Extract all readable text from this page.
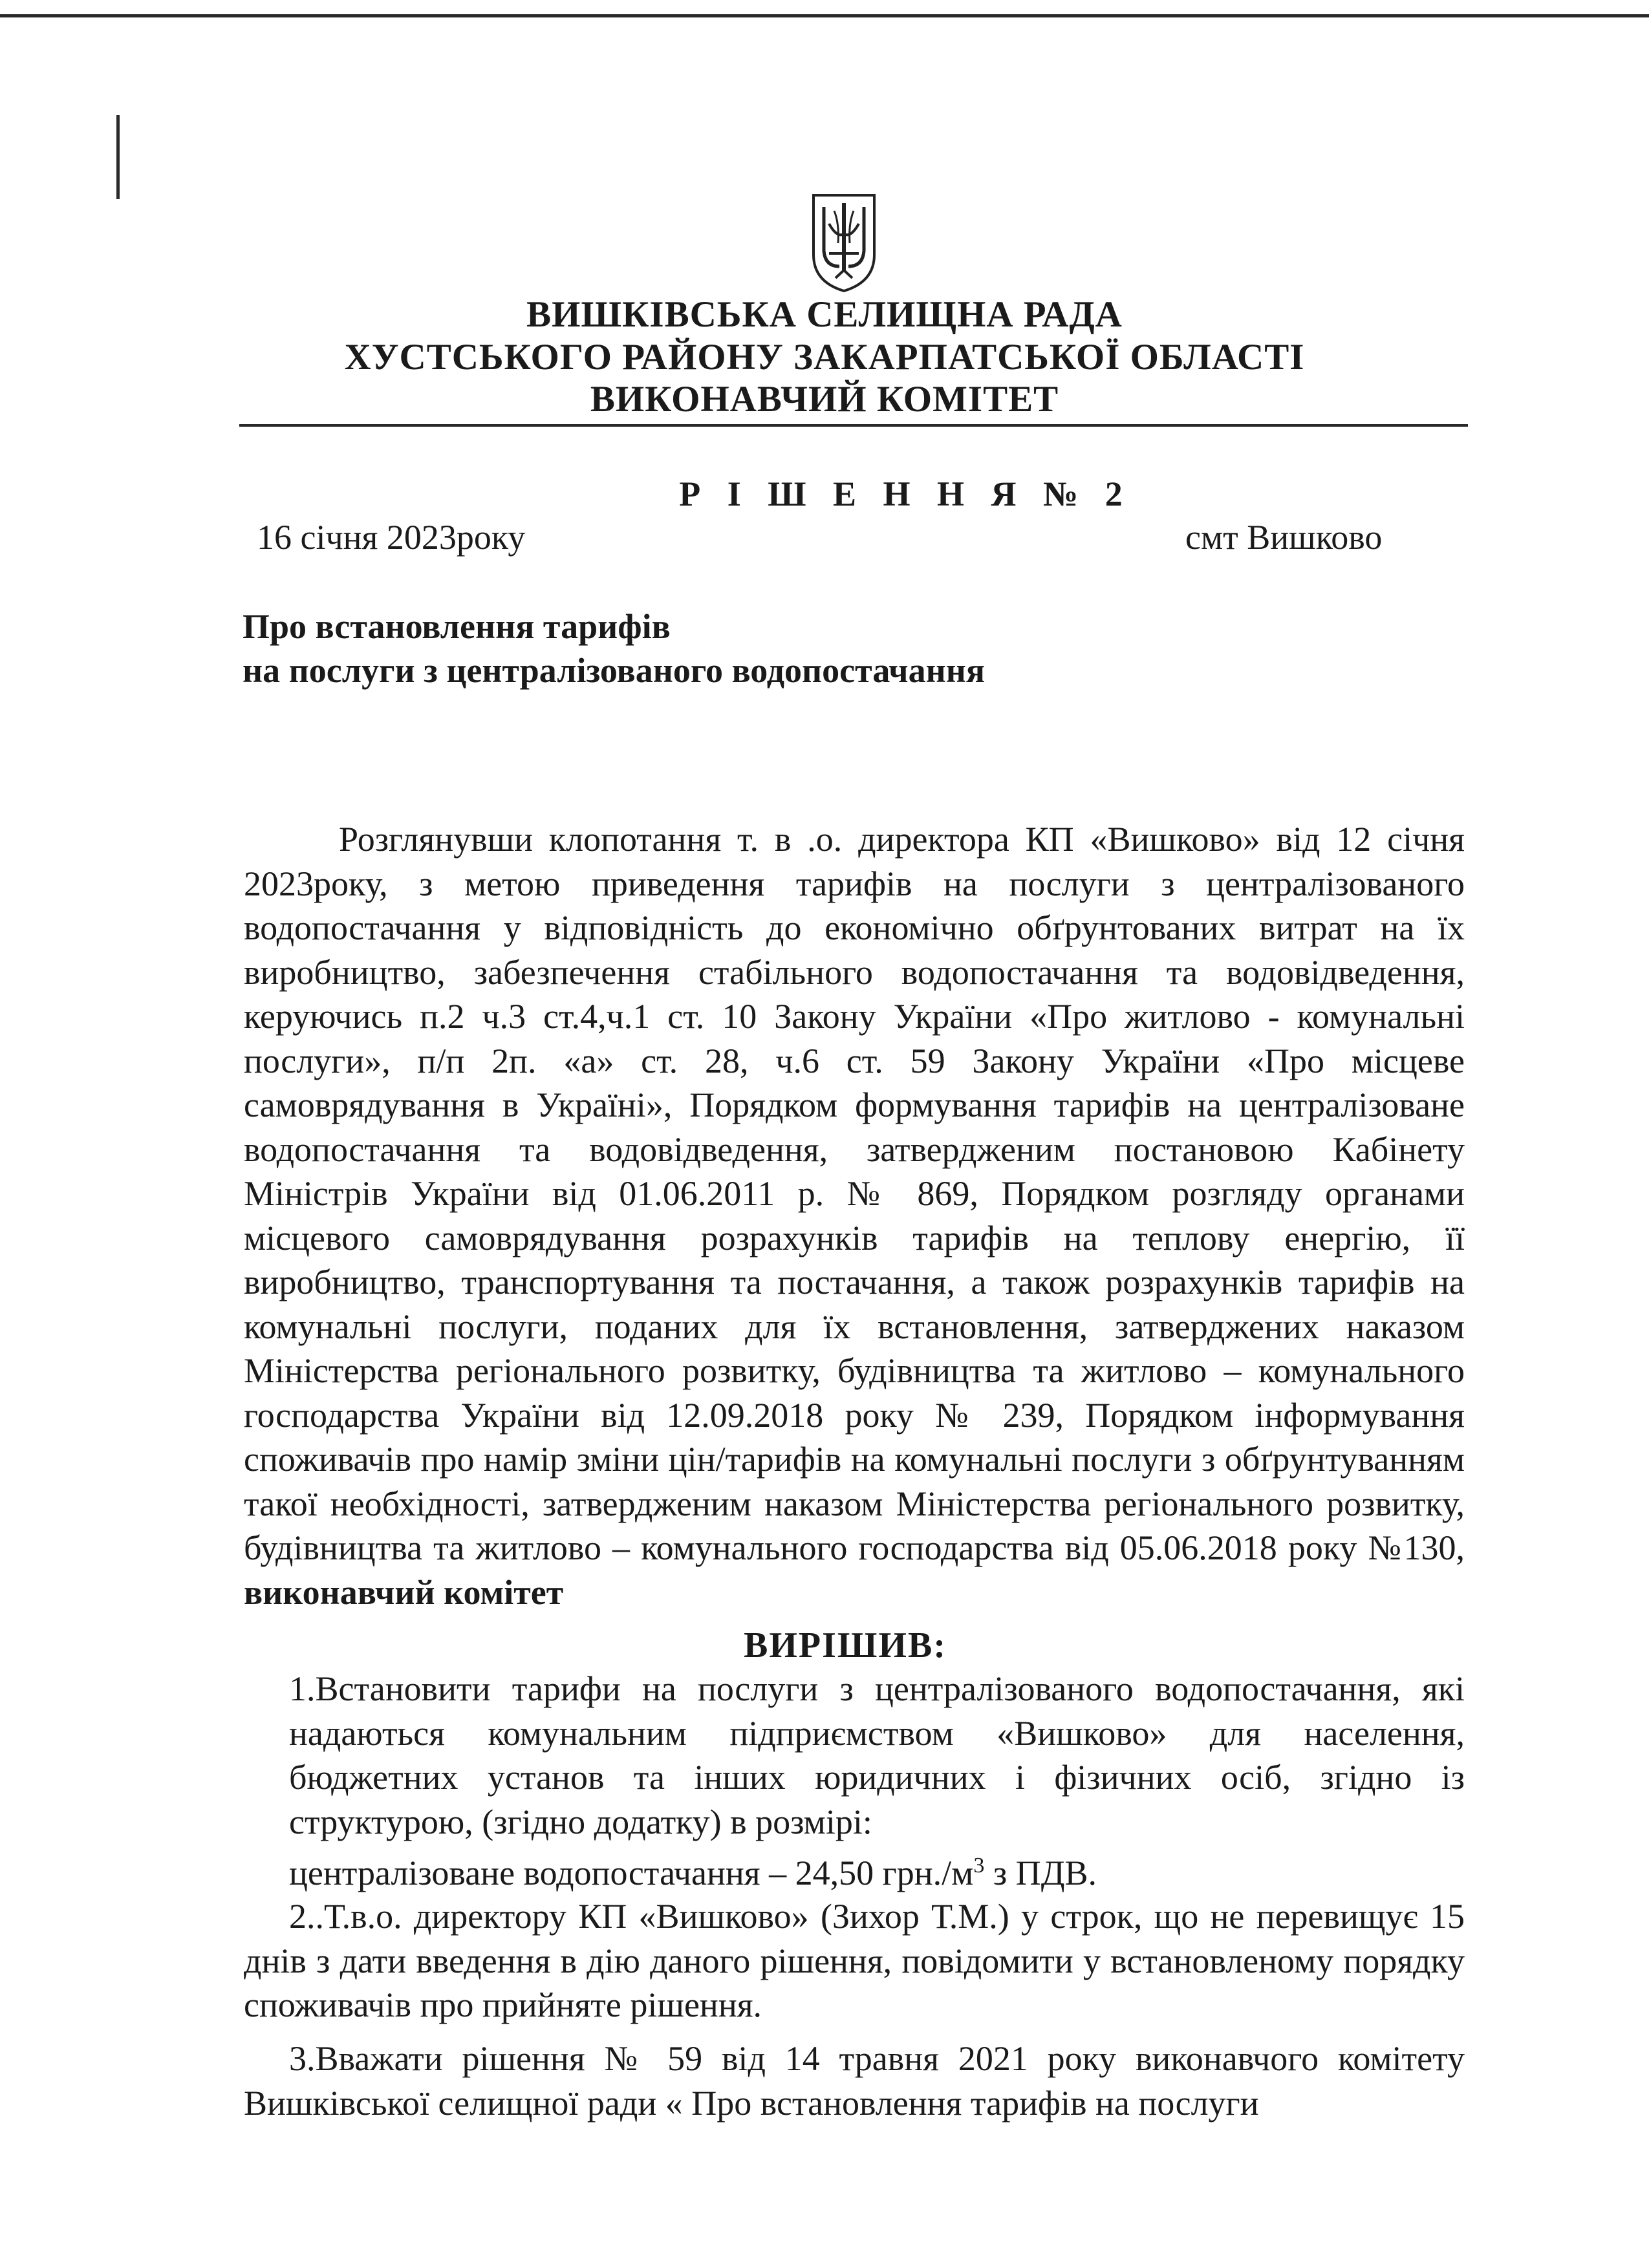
ВИШКІВСЬКА СЕЛИЩНА РАДА
ХУСТСЬКОГО РАЙОНУ ЗАКАРПАТСЬКОЇ ОБЛАСТІ
ВИКОНАВЧИЙ КОМІТЕТ
Р І Ш Е Н Н Я № 2
16 січня 2023року	смт Вишково
Про встановлення тарифів
на послуги з централізованого водопостачання

Розглянувши клопотання т. в .о. директора КП «Вишково» від 12 січня 2023року, з метою приведення тарифів на послуги з централізованого водопостачання у відповідність до економічно обґрунтованих витрат на їх виробництво, забезпечення стабільного водопостачання та водовідведення, керуючись п.2 ч.3 ст.4,ч.1 ст. 10 Закону України «Про житлово - комунальні послуги», п/п 2п. «а» ст. 28, ч.6 ст. 59 Закону України «Про місцеве самоврядування в Україні», Порядком формування тарифів на централізоване водопостачання та водовідведення, затвердженим постановою Кабінету Міністрів України від 01.06.2011 р. № 869, Порядком розгляду органами місцевого самоврядування розрахунків тарифів на теплову енергію, її виробництво, транспортування та постачання, а також розрахунків тарифів на комунальні послуги, поданих для їх встановлення, затверджених наказом Міністерства регіонального розвитку, будівництва та житлово – комунального господарства України від 12.09.2018 року № 239, Порядком інформування споживачів про намір зміни цін/тарифів на комунальні послуги з обґрунтуванням такої необхідності, затвердженим наказом Міністерства регіонального розвитку, будівництва та житлово – комунального господарства від 05.06.2018 року №130, виконавчий комітет

ВИРІШИВ:

1.Встановити тарифи на послуги з централізованого водопостачання, які надаються комунальним підприємством «Вишково» для населення, бюджетних установ та інших юридичних і фізичних осіб, згідно із структурою, (згідно додатку) в розмірі:

централізоване водопостачання – 24,50 $грн./м^3$ з ПДВ.

2..Т.в.о. директору КП «Вишково» (Зихор Т.М.) у строк, що не перевищує 15 днів з дати введення в дію даного рішення, повідомити у встановленому порядку споживачів про прийняте рішення.

3.Вважати рішення № 59 від 14 травня 2021 року виконавчого комітету Вишківської селищної ради « Про встановлення тарифів на послуги
